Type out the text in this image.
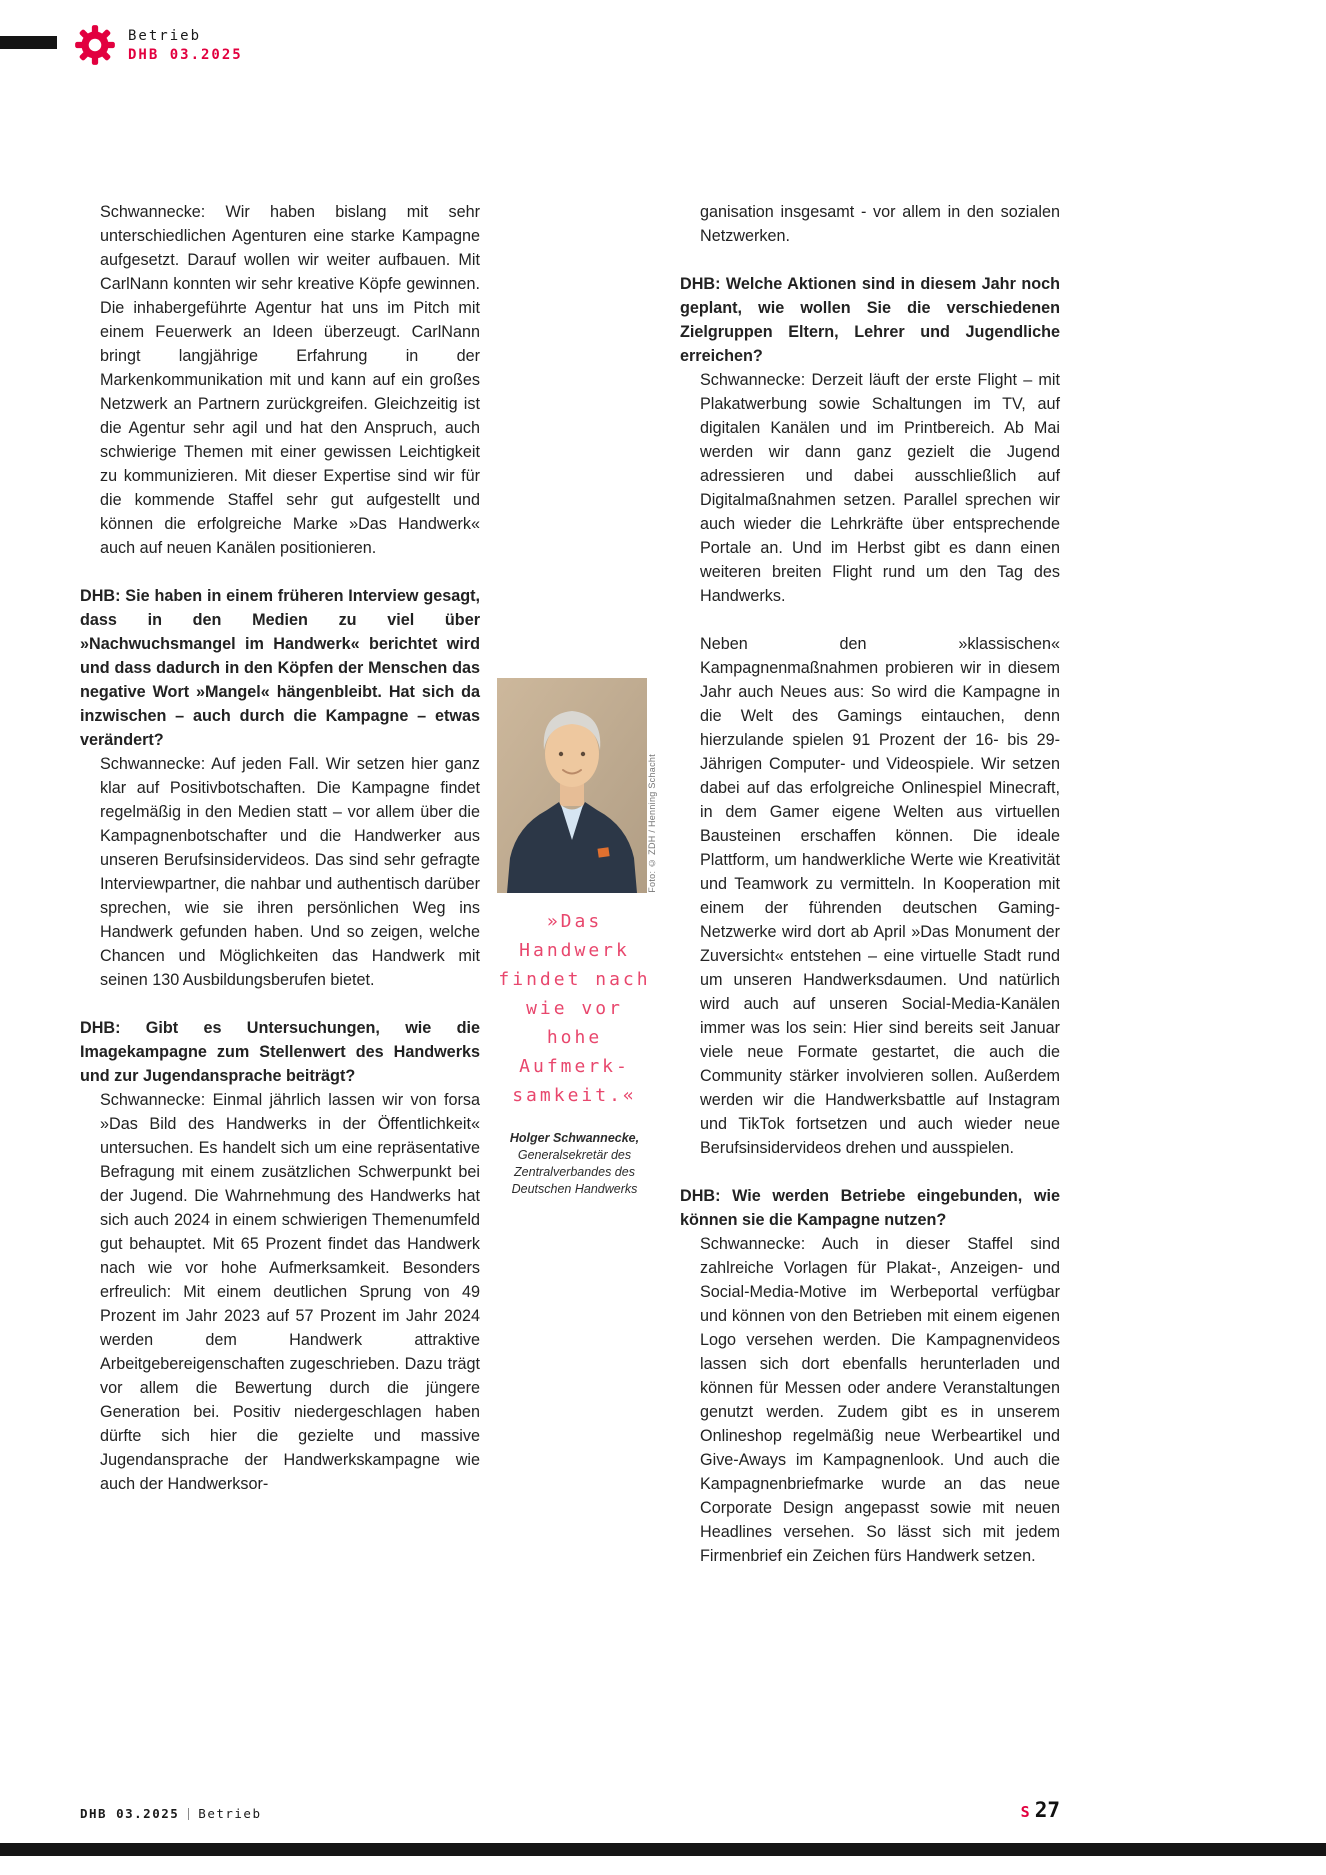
Betrieb
DHB 03.2025

Schwannecke: Wir haben bislang mit sehr unterschiedlichen Agenturen eine starke Kampagne aufgesetzt. Darauf wollen wir weiter aufbauen. Mit CarlNann konnten wir sehr kreative Köpfe gewinnen. Die inhabergeführte Agentur hat uns im Pitch mit einem Feuerwerk an Ideen überzeugt. CarlNann bringt langjährige Erfahrung in der Markenkommunikation mit und kann auf ein großes Netzwerk an Partnern zurückgreifen. Gleichzeitig ist die Agentur sehr agil und hat den Anspruch, auch schwierige Themen mit einer gewissen Leichtigkeit zu kommunizieren. Mit dieser Expertise sind wir für die kommende Staffel sehr gut aufgestellt und können die erfolgreiche Marke »Das Handwerk« auch auf neuen Kanälen positionieren.

DHB: Sie haben in einem früheren Interview gesagt, dass in den Medien zu viel über »Nachwuchsmangel im Handwerk« berichtet wird und dass dadurch in den Köpfen der Menschen das negative Wort »Mangel« hängenbleibt. Hat sich da inzwischen – auch durch die Kampagne – etwas verändert?

Schwannecke: Auf jeden Fall. Wir setzen hier ganz klar auf Positivbotschaften. Die Kampagne findet regelmäßig in den Medien statt – vor allem über die Kampagnenbotschafter und die Handwerker aus unseren Berufsinsidervideos. Das sind sehr gefragte Interviewpartner, die nahbar und authentisch darüber sprechen, wie sie ihren persönlichen Weg ins Handwerk gefunden haben. Und so zeigen, welche Chancen und Möglichkeiten das Handwerk mit seinen 130 Ausbildungsberufen bietet.

DHB: Gibt es Untersuchungen, wie die Imagekampagne zum Stellenwert des Handwerks und zur Jugendansprache beiträgt?

Schwannecke: Einmal jährlich lassen wir von forsa »Das Bild des Handwerks in der Öffentlichkeit« untersuchen. Es handelt sich um eine repräsentative Befragung mit einem zusätzlichen Schwerpunkt bei der Jugend. Die Wahrnehmung des Handwerks hat sich auch 2024 in einem schwierigen Themenumfeld gut behauptet. Mit 65 Prozent findet das Handwerk nach wie vor hohe Aufmerksamkeit. Besonders erfreulich: Mit einem deutlichen Sprung von 49 Prozent im Jahr 2023 auf 57 Prozent im Jahr 2024 werden dem Handwerk attraktive Arbeitgebereigenschaften zugeschrieben. Dazu trägt vor allem die Bewertung durch die jüngere Generation bei. Positiv niedergeschlagen haben dürfte sich hier die gezielte und massive Jugendansprache der Handwerkskampagne wie auch der Handwerksor-

Foto: © ZDH / Henning Schacht
»Das
Handwerk
findet nach
wie vor
hohe
Aufmerk-
samkeit.«
Holger Schwannecke,
Generalsekretär des Zentralverbandes des Deutschen Handwerks

ganisation insgesamt - vor allem in den sozialen Netzwerken.

DHB: Welche Aktionen sind in diesem Jahr noch geplant, wie wollen Sie die verschiedenen Zielgruppen Eltern, Lehrer und Jugendliche erreichen?

Schwannecke: Derzeit läuft der erste Flight – mit Plakatwerbung sowie Schaltungen im TV, auf digitalen Kanälen und im Printbereich. Ab Mai werden wir dann ganz gezielt die Jugend adressieren und dabei ausschließlich auf Digitalmaßnahmen setzen. Parallel sprechen wir auch wieder die Lehrkräfte über entsprechende Portale an. Und im Herbst gibt es dann einen weiteren breiten Flight rund um den Tag des Handwerks.

Neben den »klassischen« Kampagnenmaßnahmen probieren wir in diesem Jahr auch Neues aus: So wird die Kampagne in die Welt des Gamings eintauchen, denn hierzulande spielen 91 Prozent der 16- bis 29-Jährigen Computer- und Videospiele. Wir setzen dabei auf das erfolgreiche Onlinespiel Minecraft, in dem Gamer eigene Welten aus virtuellen Bausteinen erschaffen können. Die ideale Plattform, um handwerkliche Werte wie Kreativität und Teamwork zu vermitteln. In Kooperation mit einem der führenden deutschen Gaming-Netzwerke wird dort ab April »Das Monument der Zuversicht« entstehen – eine virtuelle Stadt rund um unseren Handwerksdaumen. Und natürlich wird auch auf unseren Social-Media-Kanälen immer was los sein: Hier sind bereits seit Januar viele neue Formate gestartet, die auch die Community stärker involvieren sollen. Außerdem werden wir die Handwerksbattle auf Instagram und TikTok fortsetzen und auch wieder neue Berufsinsidervideos drehen und ausspielen.

DHB: Wie werden Betriebe eingebunden, wie können sie die Kampagne nutzen?

Schwannecke: Auch in dieser Staffel sind zahlreiche Vorlagen für Plakat-, Anzeigen- und Social-Media-Motive im Werbeportal verfügbar und können von den Betrieben mit einem eigenen Logo versehen werden. Die Kampagnenvideos lassen sich dort ebenfalls herunterladen und können für Messen oder andere Veranstaltungen genutzt werden. Zudem gibt es in unserem Onlineshop regelmäßig neue Werbeartikel und Give-Aways im Kampagnenlook. Und auch die Kampagnenbriefmarke wurde an das neue Corporate Design angepasst sowie mit neuen Headlines versehen. So lässt sich mit jedem Firmenbrief ein Zeichen fürs Handwerk setzen.

DHB 03.2025 Betrieb	S 27
